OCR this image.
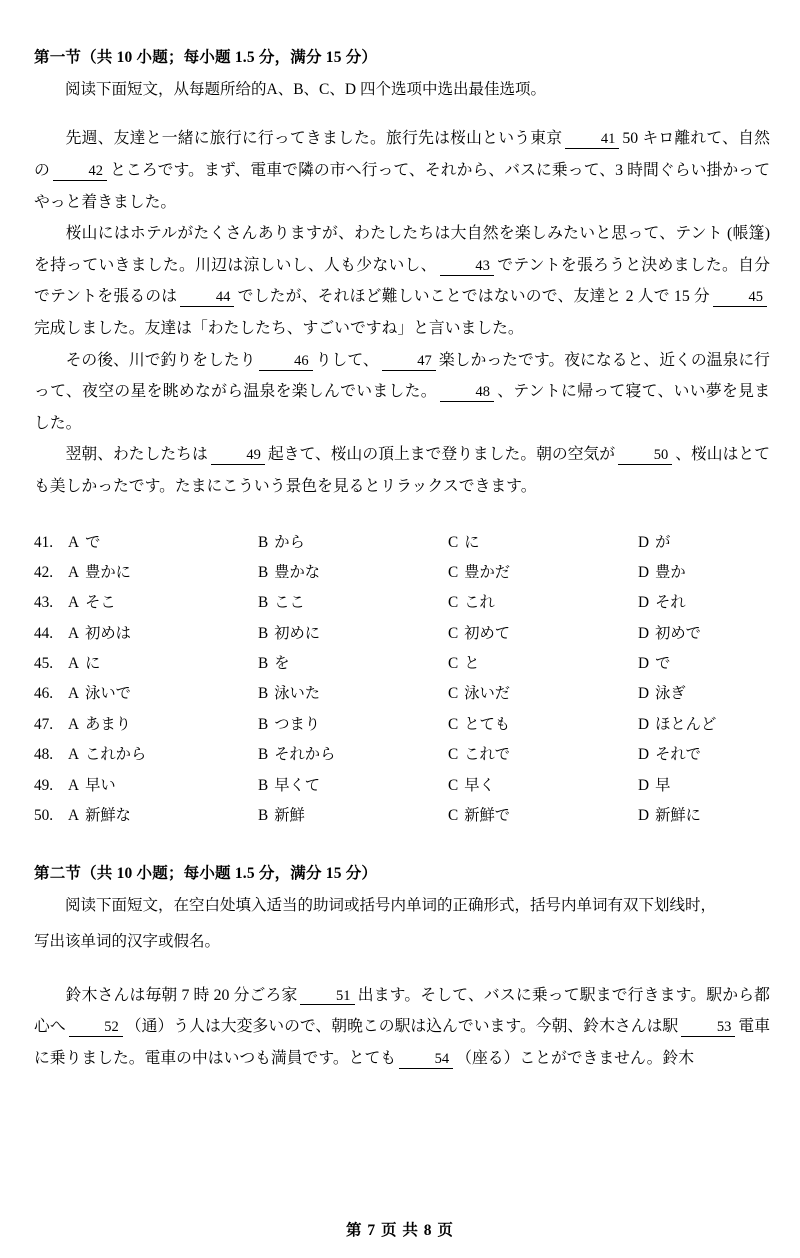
第一节（共 10 小题；每小题 1.5 分，满分 15 分）

阅读下面短文，从每题所给的A、B、C、D 四个选项中选出最佳选项。

先週、友達と一緒に旅行に行ってきました。旅行先は桜山という東京	41 50 キロ離れて、自然の	42 ところです。まず、電車で隣の市へ行って、それから、バスに乗って、3 時間ぐらい掛かってやっと着きました。

桜山にはホテルがたくさんありますが、わたしたちは大自然を楽しみたいと思って、テント (帳篷) を持っていきました。川辺は涼しいし、人も少ないし、	43 でテントを張ろうと決めました。自分でテントを張るのは	44 でしたが、それほど難しいことではないので、友達と 2 人で 15 分	45完成しました。友達は「わたしたち、すごいですね」と言いました。

その後、川で釣りをしたり	46 りして、	47 楽しかったです。夜になると、近くの温泉に行って、夜空の星を眺めながら温泉を楽しんでいました。	48 、テントに帰って寝て、いい夢を見ました。

翌朝、わたしたちは	49 起きて、桜山の頂上まで登りました。朝の空気が	50 、桜山はとても美しかったです。たまにこういう景色を見るとリラックスできます。

41. A で	B から	C に	D が
42. A 豊かに	B 豊かな	C 豊かだ	D 豊か
43. A そこ	B ここ	C これ	D それ
44. A 初めは	B 初めに	C 初めて	D 初めで
45. A に	B を	C と	D で
46. A 泳いで	B 泳いた	C 泳いだ	D 泳ぎ
47. A あまり	B つまり	C とても	D ほとんど
48. A これから	B それから	C これで	D それで
49. A 早い	B 早くて	C 早く	D 早
50. A 新鮮な	B 新鮮	C 新鮮で	D 新鮮に
第二节（共 10 小题；每小题 1.5 分，满分 15 分）

阅读下面短文，在空白处填入适当的助词或括号内单词的正确形式，括号内单词有双下划线时，

写出该单词的汉字或假名。

鈴木さんは毎朝 7 時 20 分ごろ家	51 出ます。そして、バスに乗って駅まで行きます。駅から都心へ	52 （通）う人は大変多いので、朝晩この駅は込んでいます。今朝、鈴木さんは駅	53 電車に乗りました。電車の中はいつも満員です。とても	54 （座る）ことができません。鈴木

第 7 页 共 8 页
